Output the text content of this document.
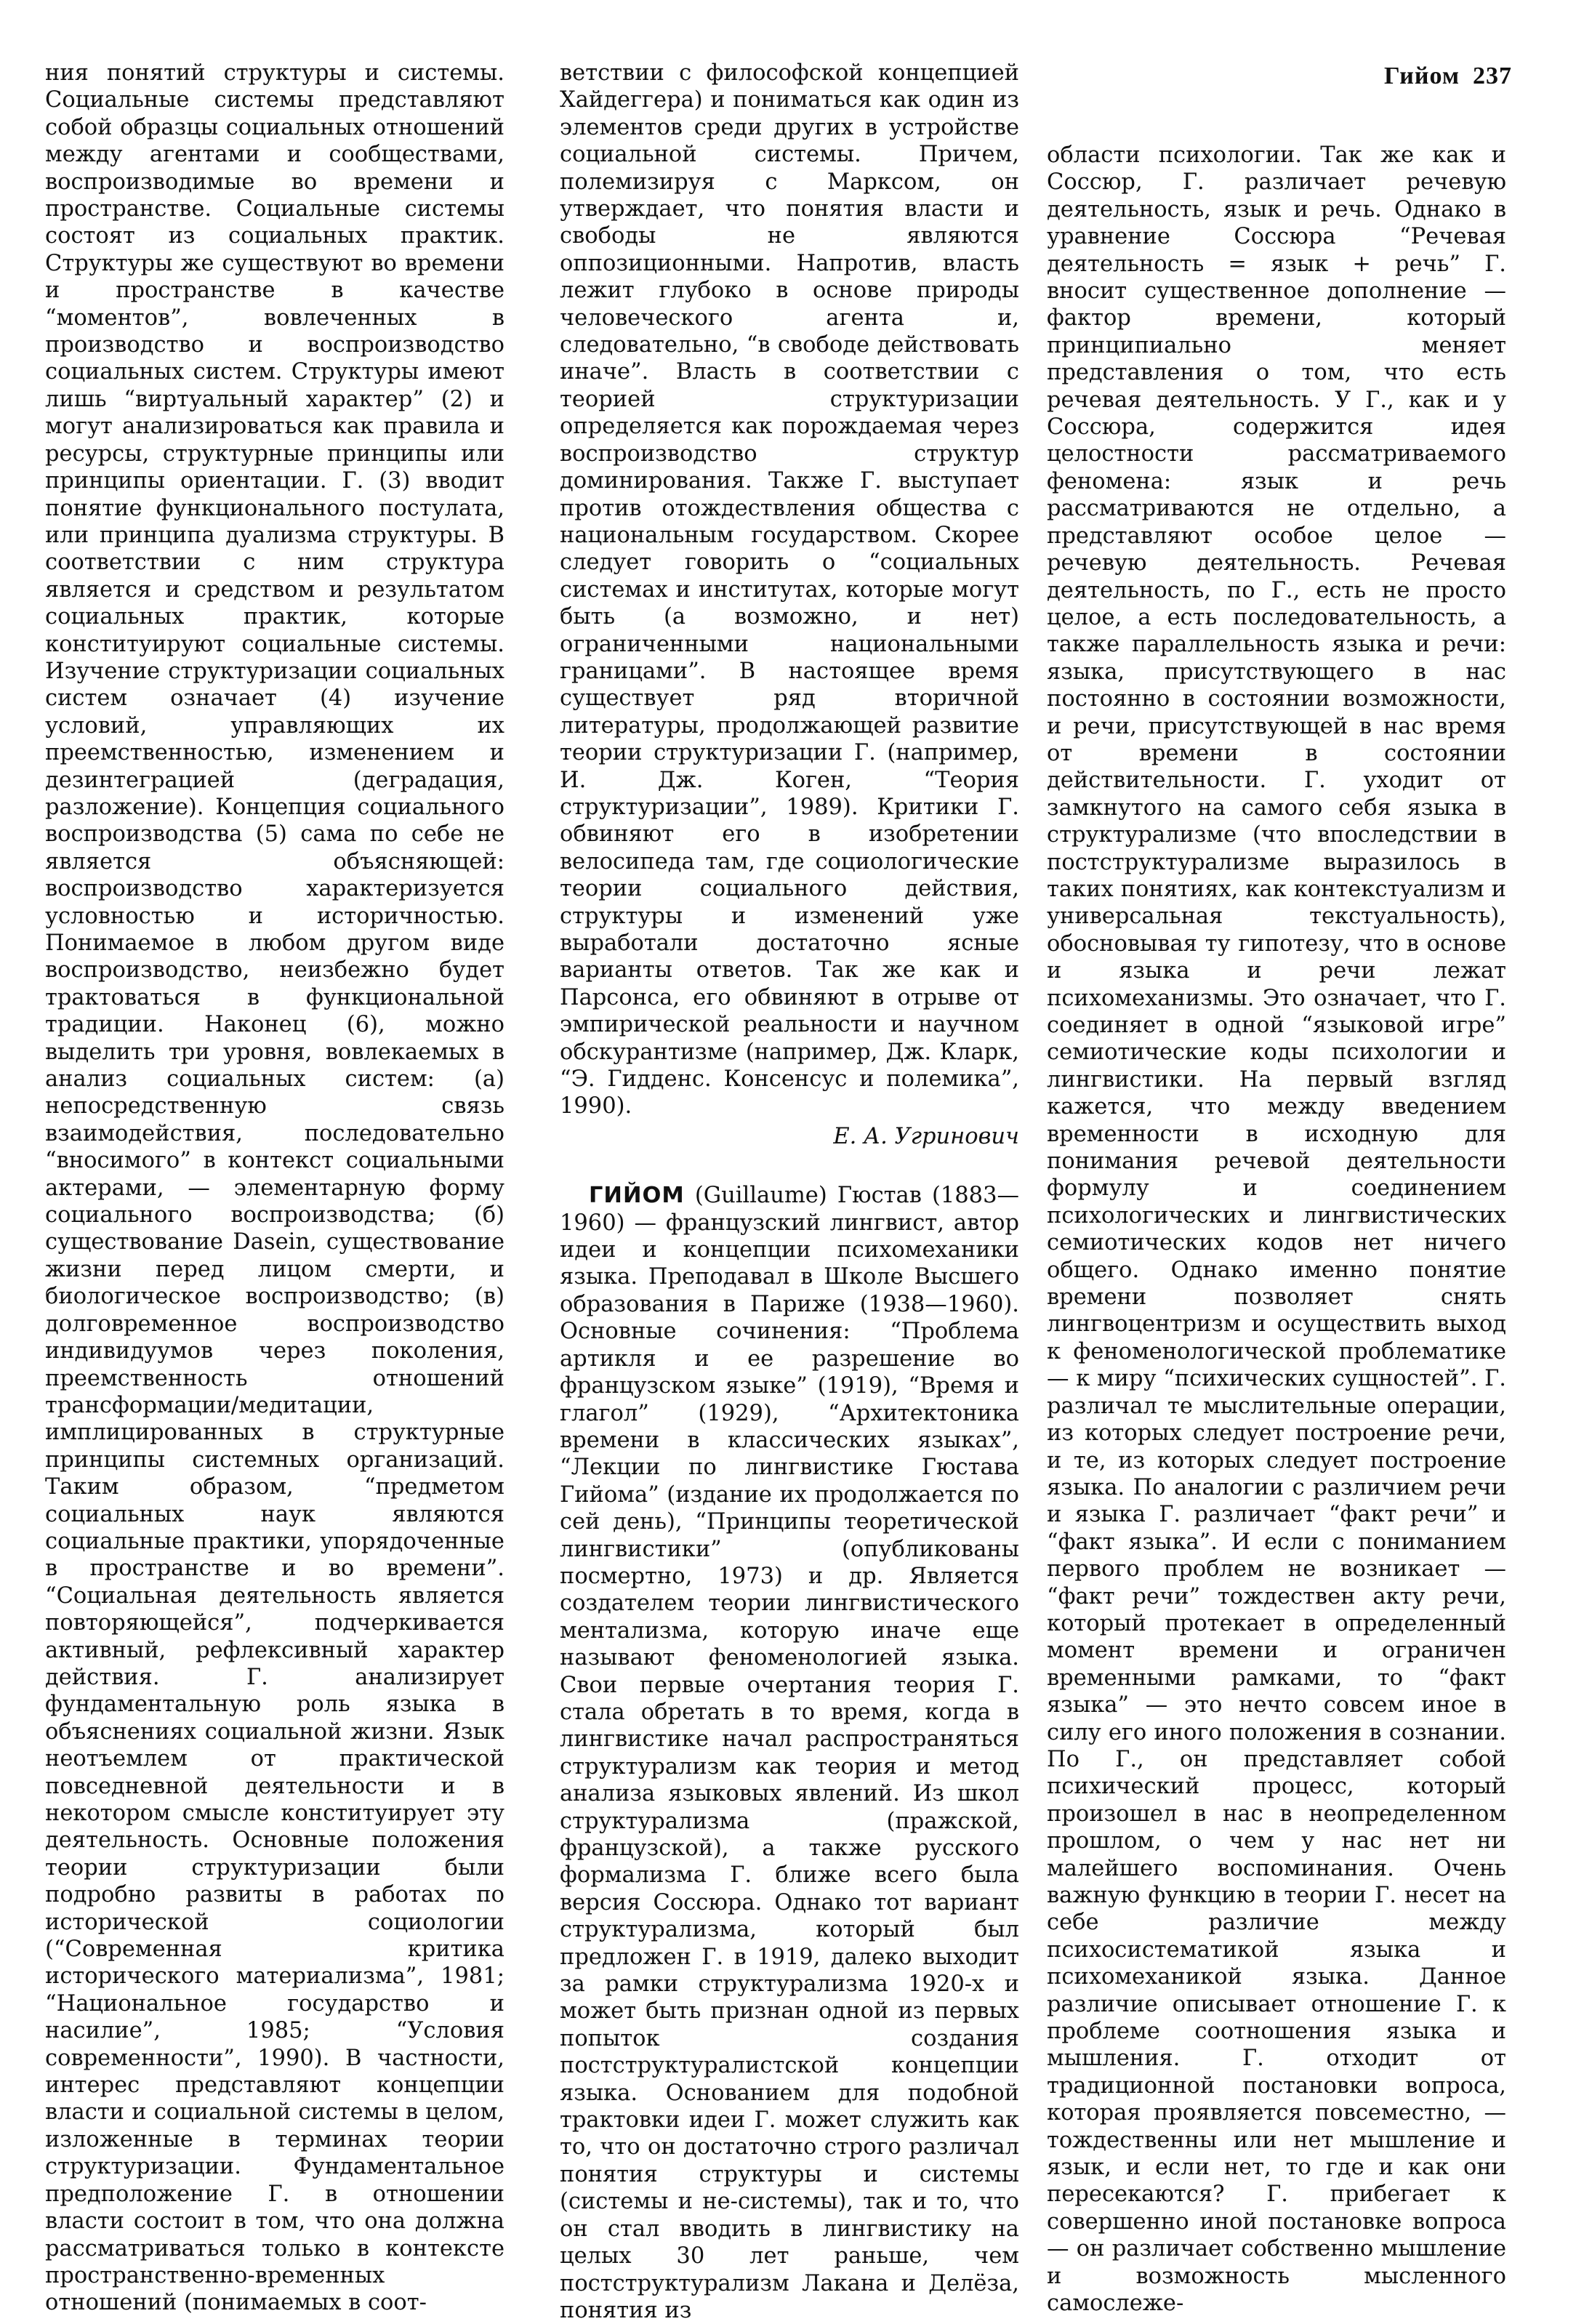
Гийом 237

ния понятий структуры и системы. Социальные системы представляют собой образцы социальных отношений между агентами и сообществами, воспроизводимые во времени и пространстве. Социальные системы состоят из социальных практик. Структуры же существуют во времени и пространстве в качестве “моментов”, вовлеченных в производство и воспроизводство социальных систем. Структуры имеют лишь “виртуальный характер” (2) и могут анализироваться как правила и ресурсы, структурные принципы или принципы ориентации. Г. (3) вводит понятие функционального постулата, или принципа дуализма структуры. В соответствии с ним структура является и средством и результатом социальных практик, которые конституируют социальные системы. Изучение структуризации социальных систем означает (4) изучение условий, управляющих их преемственностью, изменением и дезинтеграцией (деградация, разложение). Концепция социального воспроизводства (5) сама по себе не является объясняющей: воспроизводство характеризуется условностью и историчностью. Понимаемое в любом другом виде воспроизводство, неизбежно будет трактоваться в функциональной традиции. Наконец (6), можно выделить три уровня, вовлекаемых в анализ социальных систем: (а) непосредственную связь взаимодействия, последовательно “вносимого” в контекст социальными актерами, — элементарную форму социального воспроизводства; (б) существование Dasein, существование жизни перед лицом смерти, и биологическое воспроизводство; (в) долговременное воспроизводство индивидуумов через поколения, преемственность отношений трансформации/медитации, имплицированных в структурные принципы системных организаций. Таким образом, “предметом социальных наук являются социальные практики, упорядоченные в пространстве и во времени”. “Социальная деятельность является повторяющейся”, подчеркивается активный, рефлексивный характер действия. Г. анализирует фундаментальную роль языка в объяснениях социальной жизни. Язык неотъемлем от практической повседневной деятельности и в некотором смысле конституирует эту деятельность. Основные положения теории структуризации были подробно развиты в работах по исторической социологии (“Современная критика исторического материализма”, 1981; “Национальное государство и насилие”, 1985; “Условия современности”, 1990). В частности, интерес представляют концепции власти и социальной системы в целом, изложенные в терминах теории структуризации. Фундаментальное предположение Г. в отношении власти состоит в том, что она должна рассматриваться только в контексте пространственно-временных отношений (понимаемых в соот-

ветствии с философской концепцией Хайдеггера) и пониматься как один из элементов среди других в устройстве социальной системы. Причем, полемизируя с Марксом, он утверждает, что понятия власти и свободы не являются оппозиционными. Напротив, власть лежит глубоко в основе природы человеческого агента и, следовательно, “в свободе действовать иначе”. Власть в соответствии с теорией структуризации определяется как порождаемая через воспроизводство структур доминирования. Также Г. выступает против отождествления общества с национальным государством. Скорее следует говорить о “социальных системах и институтах, которые могут быть (а возможно, и нет) ограниченными национальными границами”. В настоящее время существует ряд вторичной литературы, продолжающей развитие теории структуризации Г. (например, И. Дж. Коген, “Теория структуризации”, 1989). Критики Г. обвиняют его в изобретении велосипеда там, где социологические теории социального действия, структуры и изменений уже выработали достаточно ясные варианты ответов. Так же как и Парсонса, его обвиняют в отрыве от эмпирической реальности и научном обскурантизме (например, Дж. Кларк, “Э. Гидденс. Консенсус и полемика”, 1990).

Е. А. Угринович

ГИЙОМ (Guillaume) Гюстав (1883—1960) — французский лингвист, автор идеи и концепции психомеханики языка. Преподавал в Школе Высшего образования в Париже (1938—1960). Основные сочинения: “Проблема артикля и ее разрешение во французском языке” (1919), “Время и глагол” (1929), “Архитектоника времени в классических языках”, “Лекции по лингвистике Гюстава Гийома” (издание их продолжается по сей день), “Принципы теоретической лингвистики” (опубликованы посмертно, 1973) и др. Является создателем теории лингвистического ментализма, которую иначе еще называют феноменологией языка. Свои первые очертания теория Г. стала обретать в то время, когда в лингвистике начал распространяться структурализм как теория и метод анализа языковых явлений. Из школ структурализма (пражской, французской), а также русского формализма Г. ближе всего была версия Соссюра. Однако тот вариант структурализма, который был предложен Г. в 1919, далеко выходит за рамки структурализма 1920-х и может быть признан одной из первых попыток создания постструктуралистской концепции языка. Основанием для подобной трактовки идеи Г. может служить как то, что он достаточно строго различал понятия структуры и системы (системы и не-системы), так и то, что он стал вводить в лингвистику на целых 30 лет раньше, чем постструктурализм Лакана и Делёза, понятия из

области психологии. Так же как и Соссюр, Г. различает речевую деятельность, язык и речь. Однако в уравнение Соссюра “Речевая деятельность = язык + речь” Г. вносит существенное дополнение — фактор времени, который принципиально меняет представления о том, что есть речевая деятельность. У Г., как и у Соссюра, содержится идея целостности рассматриваемого феномена: язык и речь рассматриваются не отдельно, а представляют особое целое — речевую деятельность. Речевая деятельность, по Г., есть не просто целое, а есть последовательность, а также параллельность языка и речи: языка, присутствующего в нас постоянно в состоянии возможности, и речи, присутствующей в нас время от времени в состоянии действительности. Г. уходит от замкнутого на самого себя языка в структурализме (что впоследствии в постструктурализме выразилось в таких понятиях, как контекстуализм и универсальная текстуальность), обосновывая ту гипотезу, что в основе и языка и речи лежат психомеханизмы. Это означает, что Г. соединяет в одной “языковой игре” семиотические коды психологии и лингвистики. На первый взгляд кажется, что между введением временности в исходную для понимания речевой деятельности формулу и соединением психологических и лингвистических семиотических кодов нет ничего общего. Однако именно понятие времени позволяет снять лингвоцентризм и осуществить выход к феноменологической проблематике — к миру “психических сущностей”. Г. различал те мыслительные операции, из которых следует построение речи, и те, из которых следует построение языка. По аналогии с различием речи и языка Г. различает “факт речи” и “факт языка”. И если с пониманием первого проблем не возникает — “факт речи” тождествен акту речи, который протекает в определенный момент времени и ограничен временными рамками, то “факт языка” — это нечто совсем иное в силу его иного положения в сознании. По Г., он представляет собой психический процесс, который произошел в нас в неопределенном прошлом, о чем у нас нет ни малейшего воспоминания. Очень важную функцию в теории Г. несет на себе различие между психосистематикой языка и психомеханикой языка. Данное различие описывает отношение Г. к проблеме соотношения языка и мышления. Г. отходит от традиционной постановки вопроса, которая проявляется повсеместно, — тождественны или нет мышление и язык, и если нет, то где и как они пересекаются? Г. прибегает к совершенно иной постановке вопроса — он различает собственно мышление и возможность мысленного самослеже-
